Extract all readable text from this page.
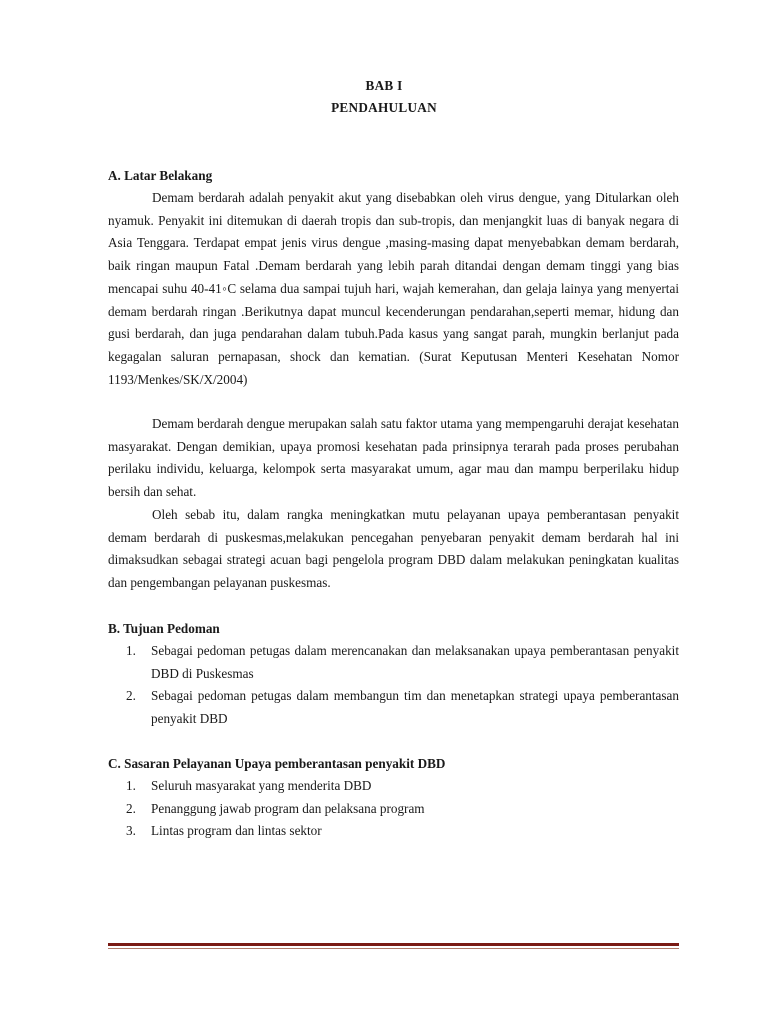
BAB I
PENDAHULUAN
A. Latar Belakang

Demam berdarah adalah penyakit akut yang disebabkan oleh virus dengue, yang Ditularkan oleh nyamuk. Penyakit ini ditemukan di daerah tropis dan sub-tropis, dan menjangkit luas di banyak negara di Asia Tenggara. Terdapat empat jenis virus dengue ,masing-masing dapat menyebabkan demam berdarah, baik ringan maupun Fatal .Demam berdarah yang lebih parah ditandai dengan demam tinggi yang bias mencapai suhu 40-41◦C selama dua sampai tujuh hari, wajah kemerahan, dan gelaja lainya yang menyertai demam berdarah ringan .Berikutnya dapat muncul kecenderungan pendarahan,seperti memar, hidung dan gusi berdarah, dan juga pendarahan dalam tubuh.Pada kasus yang sangat parah, mungkin berlanjut pada kegagalan saluran pernapasan, shock dan kematian. (Surat Keputusan Menteri Kesehatan Nomor 1193/Menkes/SK/X/2004)

Demam berdarah dengue merupakan salah satu faktor utama yang mempengaruhi derajat kesehatan masyarakat. Dengan demikian, upaya promosi kesehatan pada prinsipnya terarah pada proses perubahan perilaku individu, keluarga, kelompok serta masyarakat umum, agar mau dan mampu berperilaku hidup bersih dan sehat.

Oleh sebab itu, dalam rangka meningkatkan mutu pelayanan upaya pemberantasan penyakit demam berdarah di puskesmas,melakukan pencegahan penyebaran penyakit demam berdarah hal ini dimaksudkan sebagai strategi acuan bagi pengelola program DBD dalam melakukan peningkatan kualitas dan pengembangan pelayanan puskesmas.

B. Tujuan Pedoman
1. Sebagai pedoman petugas dalam merencanakan dan melaksanakan upaya pemberantasan penyakit DBD di Puskesmas
2. Sebagai pedoman petugas dalam membangun tim dan menetapkan strategi upaya pemberantasan penyakit DBD
C. Sasaran Pelayanan Upaya pemberantasan penyakit DBD
1. Seluruh masyarakat yang menderita DBD
2. Penanggung jawab program dan pelaksana program
3. Lintas program dan lintas sektor
